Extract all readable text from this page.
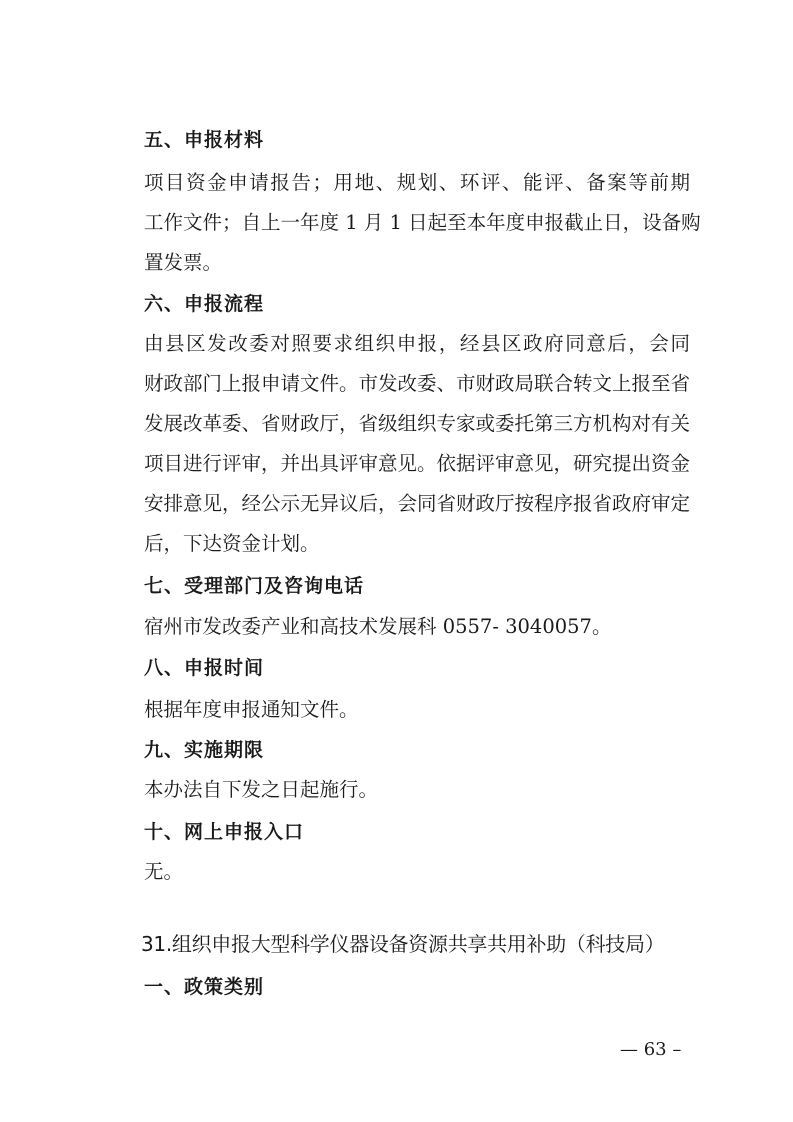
五、申报材料
项目资金申请报告；用地、规划、环评、能评、备案等前期
工作文件；自上一年度 1 月 1 日起至本年度申报截止日，设备购
置发票。
六、申报流程
由县区发改委对照要求组织申报，经县区政府同意后，会同
财政部门上报申请文件。市发改委、市财政局联合转文上报至省
发展改革委、省财政厅，省级组织专家或委托第三方机构对有关
项目进行评审，并出具评审意见。依据评审意见，研究提出资金
安排意见，经公示无异议后，会同省财政厅按程序报省政府审定
后，下达资金计划。
七、受理部门及咨询电话
宿州市发改委产业和高技术发展科 0557- 3040057。
八、申报时间
根据年度申报通知文件。
九、实施期限
本办法自下发之日起施行。
十、网上申报入口
无。
31.组织申报大型科学仪器设备资源共享共用补助（科技局）
一、政策类别
— 63 –
